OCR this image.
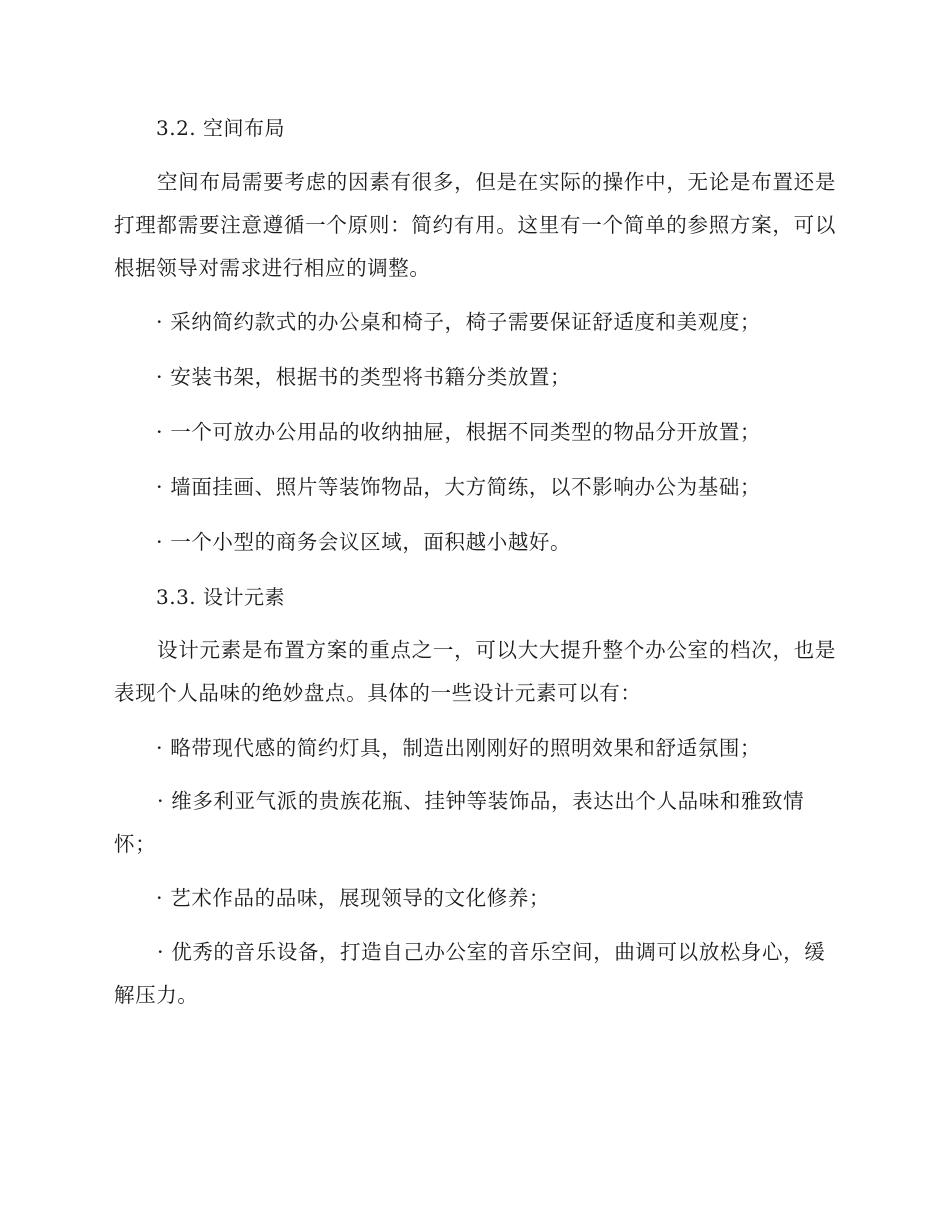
3.2. 空间布局
空间布局需要考虑的因素有很多，但是在实际的操作中，无论是布置还是打理都需要注意遵循一个原则：简约有用。这里有一个简单的参照方案，可以根据领导对需求进行相应的调整。
· 采纳简约款式的办公桌和椅子，椅子需要保证舒适度和美观度；
· 安装书架，根据书的类型将书籍分类放置；
· 一个可放办公用品的收纳抽屉，根据不同类型的物品分开放置；
· 墙面挂画、照片等装饰物品，大方简练，以不影响办公为基础；
· 一个小型的商务会议区域，面积越小越好。
3.3. 设计元素
设计元素是布置方案的重点之一，可以大大提升整个办公室的档次，也是表现个人品味的绝妙盘点。具体的一些设计元素可以有：
· 略带现代感的简约灯具，制造出刚刚好的照明效果和舒适氛围；
· 维多利亚气派的贵族花瓶、挂钟等装饰品，表达出个人品味和雅致情怀；
· 艺术作品的品味，展现领导的文化修养；
· 优秀的音乐设备，打造自己办公室的音乐空间，曲调可以放松身心，缓解压力。
